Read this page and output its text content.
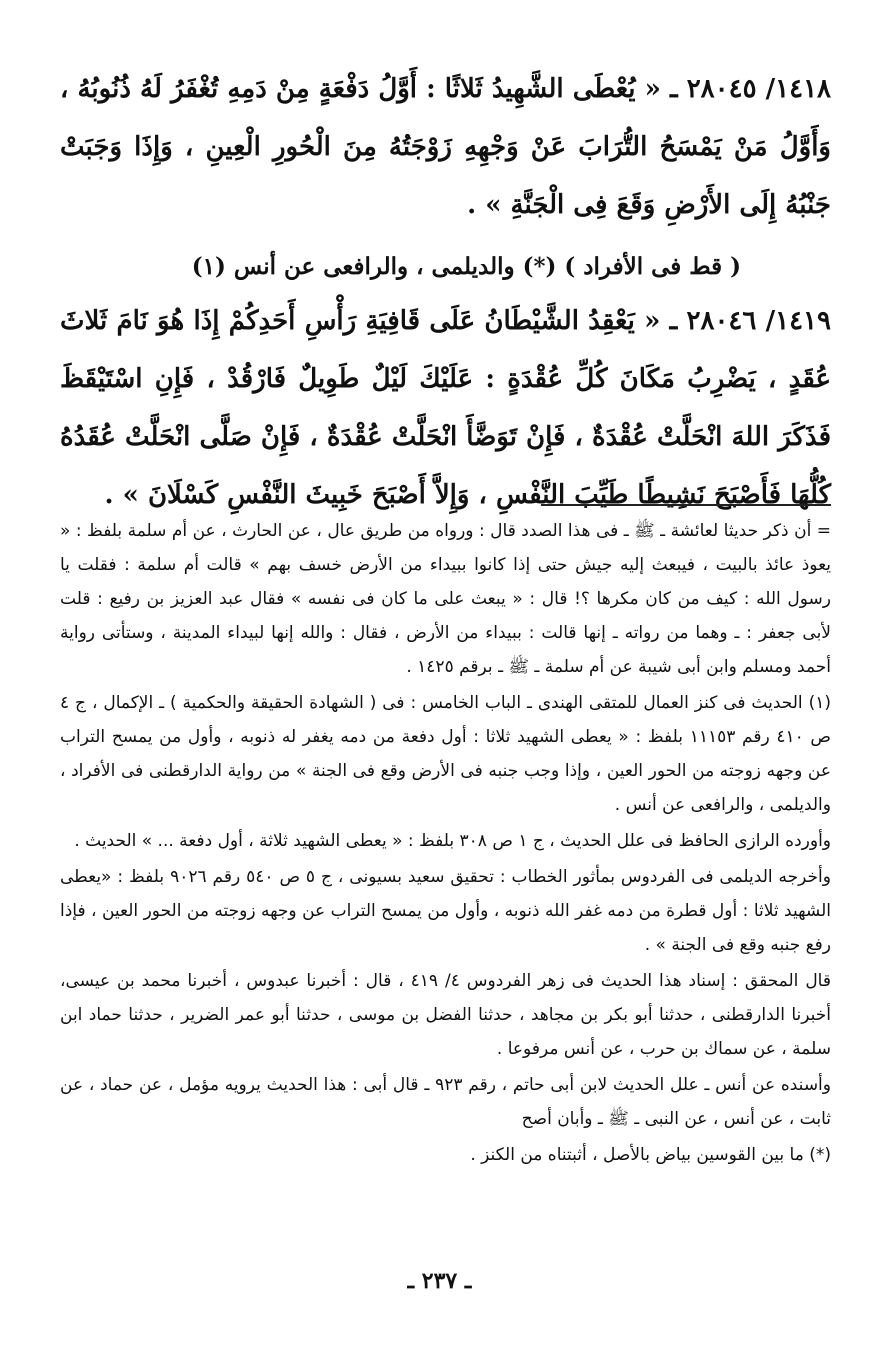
١٤١٨/ ٢٨٠٤٥ ـ « يُعْطَى الشَّهِيدُ ثَلاثًا : أَوَّلُ دَفْعَةٍ مِنْ دَمِهِ تُغْفَرُ لَهُ ذُنُوبُهُ ، وَأَوَّلُ مَنْ يَمْسَحُ التُّرَابَ عَنْ وَجْهِهِ زَوْجَتُهُ مِنَ الْحُورِ الْعِينِ ، وَإِذَا وَجَبَتْ جَنْبُهُ إِلَى الأَرْضِ وَقَعَ فِى الْجَنَّةِ » .

( قط فى الأفراد ) (*) والديلمى ، والرافعى عن أنس (١)

١٤١٩/ ٢٨٠٤٦ ـ « يَعْقِدُ الشَّيْطَانُ عَلَى قَافِيَةِ رَأْسِ أَحَدِكُمْ إِذَا هُوَ نَامَ ثَلاثَ عُقَدٍ ، يَضْرِبُ مَكَانَ كُلِّ عُقْدَةٍ : عَلَيْكَ لَيْلٌ طَوِيلٌ فَارْقُدْ ، فَإِنِ اسْتَيْقَظَ فَذَكَرَ اللهَ انْحَلَّتْ عُقْدَةٌ ، فَإِنْ تَوَضَّأَ انْحَلَّتْ عُقْدَةٌ ، فَإِنْ صَلَّى انْحَلَّتْ عُقَدُهُ كُلُّهَا فَأَصْبَحَ نَشِيطًا طَيِّبَ النَّفْسِ ، وَإِلاَّ أَصْبَحَ خَبِيثَ النَّفْسِ كَسْلَانَ » .

= أن ذكر حديثا لعائشة ـ ﷺ ـ فى هذا الصدد قال : ورواه من طريق عال ، عن الحارث ، عن أم سلمة بلفظ : « يعوذ عائذ بالبيت ، فيبعث إليه جيش حتى إذا كانوا ببيداء من الأرض خسف بهم » قالت أم سلمة : فقلت يا رسول الله : كيف من كان مكرها ؟! قال : « يبعث على ما كان فى نفسه » فقال عبد العزيز بن رفيع : قلت لأبى جعفر : ـ وهما من رواته ـ إنها قالت : ببيداء من الأرض ، فقال : والله إنها لبيداء المدينة ، وستأتى رواية أحمد ومسلم وابن أبى شيبة عن أم سلمة ـ ﷺ ـ برقم ١٤٢٥ .

(١) الحديث فى كنز العمال للمتقى الهندى ـ الباب الخامس : فى ( الشهادة الحقيقة والحكمية ) ـ الإكمال ، ج ٤ ص ٤١٠ رقم ١١١٥٣ بلفظ : « يعطى الشهيد ثلاثا : أول دفعة من دمه يغفر له ذنوبه ، وأول من يمسح التراب عن وجهه زوجته من الحور العين ، وإذا وجب جنبه فى الأرض وقع فى الجنة » من رواية الدارقطنى فى الأفراد ، والديلمى ، والرافعى عن أنس .

وأورده الرازى الحافظ فى علل الحديث ، ج ١ ص ٣٠٨ بلفظ : « يعطى الشهيد ثلاثة ، أول دفعة ... » الحديث .

وأخرجه الديلمى فى الفردوس بمأثور الخطاب : تحقيق سعيد بسيونى ، ج ٥ ص ٥٤٠ رقم ٩٠٢٦ بلفظ : «يعطى الشهيد ثلاثا : أول قطرة من دمه غفر الله ذنوبه ، وأول من يمسح التراب عن وجهه زوجته من الحور العين ، فإذا رفع جنبه وقع فى الجنة » .

قال المحقق : إسناد هذا الحديث فى زهر الفردوس ٤/ ٤١٩ ، قال : أخبرنا عبدوس ، أخبرنا محمد بن عيسى، أخبرنا الدارقطنى ، حدثنا أبو بكر بن مجاهد ، حدثنا الفضل بن موسى ، حدثنا أبو عمر الضرير ، حدثنا حماد ابن سلمة ، عن سماك بن حرب ، عن أنس مرفوعا .

وأسنده عن أنس ـ علل الحديث لابن أبى حاتم ، رقم ٩٢٣ ـ قال أبى : هذا الحديث يرويه مؤمل ، عن حماد ، عن ثابت ، عن أنس ، عن النبى ـ ﷺ ـ وأبان أصح

(*) ما بين القوسين بياض بالأصل ، أثبتناه من الكنز .

ـ ٢٣٧ ـ
